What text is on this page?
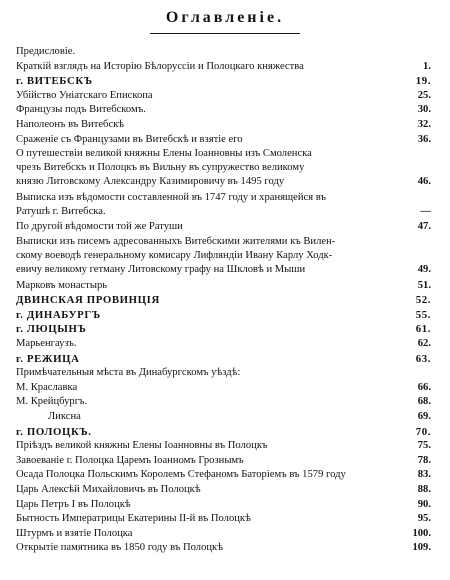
Оглавленіе.
Предисловіе.
Краткій взглядъ на Исторію Бѣлоруссіи и Полоцкаго княжества	1.
г. ВИТЕБСКЪ	19.
Убійство Уніатскаго Епископа	25.
Французы подъ Витебскомъ.	30.
Наполеонъ въ Витебскѣ	32.
Сраженіе съ Французами въ Витебскѣ и взятіе его	36.
О путешествіи великой княжны Елены Іоанновны изъ Смоленска
чрезъ Витебскъ и Полоцкъ въ Вильну въ супружество великому
князю Литовскому Александру Казимировичу въ 1495 году	46.
Выписка изъ вѣдомости составленной въ 1747 году и хранящейся въ
Ратушѣ г. Витебска.	—
По другой вѣдомости той же Ратуши	47.
Выписки изъ писемъ адресованныхъ Витебскими жителями къ Вилен-
скому воеводѣ генеральному комисару Лифляндіи Ивану Карлу Ходк-
евичу великому гетману Литовскому графу на Шкловѣ и Мыши	49.
Марковъ монастырь	51.
ДВИНСКАЯ ПРОВИНЦІЯ	52.
г. ДИНАБУРГЪ	55.
г. ЛЮЦЫНЪ	61.
Марьенгаузъ.	62.
г. РЕЖИЦА	63.
Примѣчательныя мѣста въ Динабургскомъ уѣздѣ:
М. Краславка	66.
М. Крейцбургъ.	68.
Ликсна	69.
г. ПОЛОЦКЪ.	70.
Пріѣздъ великой княжны Елены Іоанновны въ Полоцкъ	75.
Завоеваніе г. Полоцка Царемъ Іоанномъ Грознымъ	78.
Осада Полоцка Польскимъ Королемъ Стефаномъ Баторіемъ въ 1579 году	83.
Царь Алексѣй Михайловичъ въ Полоцкѣ	88.
Царь Петръ I въ Полоцкѣ	90.
Бытность Императрицы Екатерины II-й въ Полоцкѣ	95.
Штурмъ и взятіе Полоцка	100.
Открытіе памятника въ 1850 году въ Полоцкѣ	109.
